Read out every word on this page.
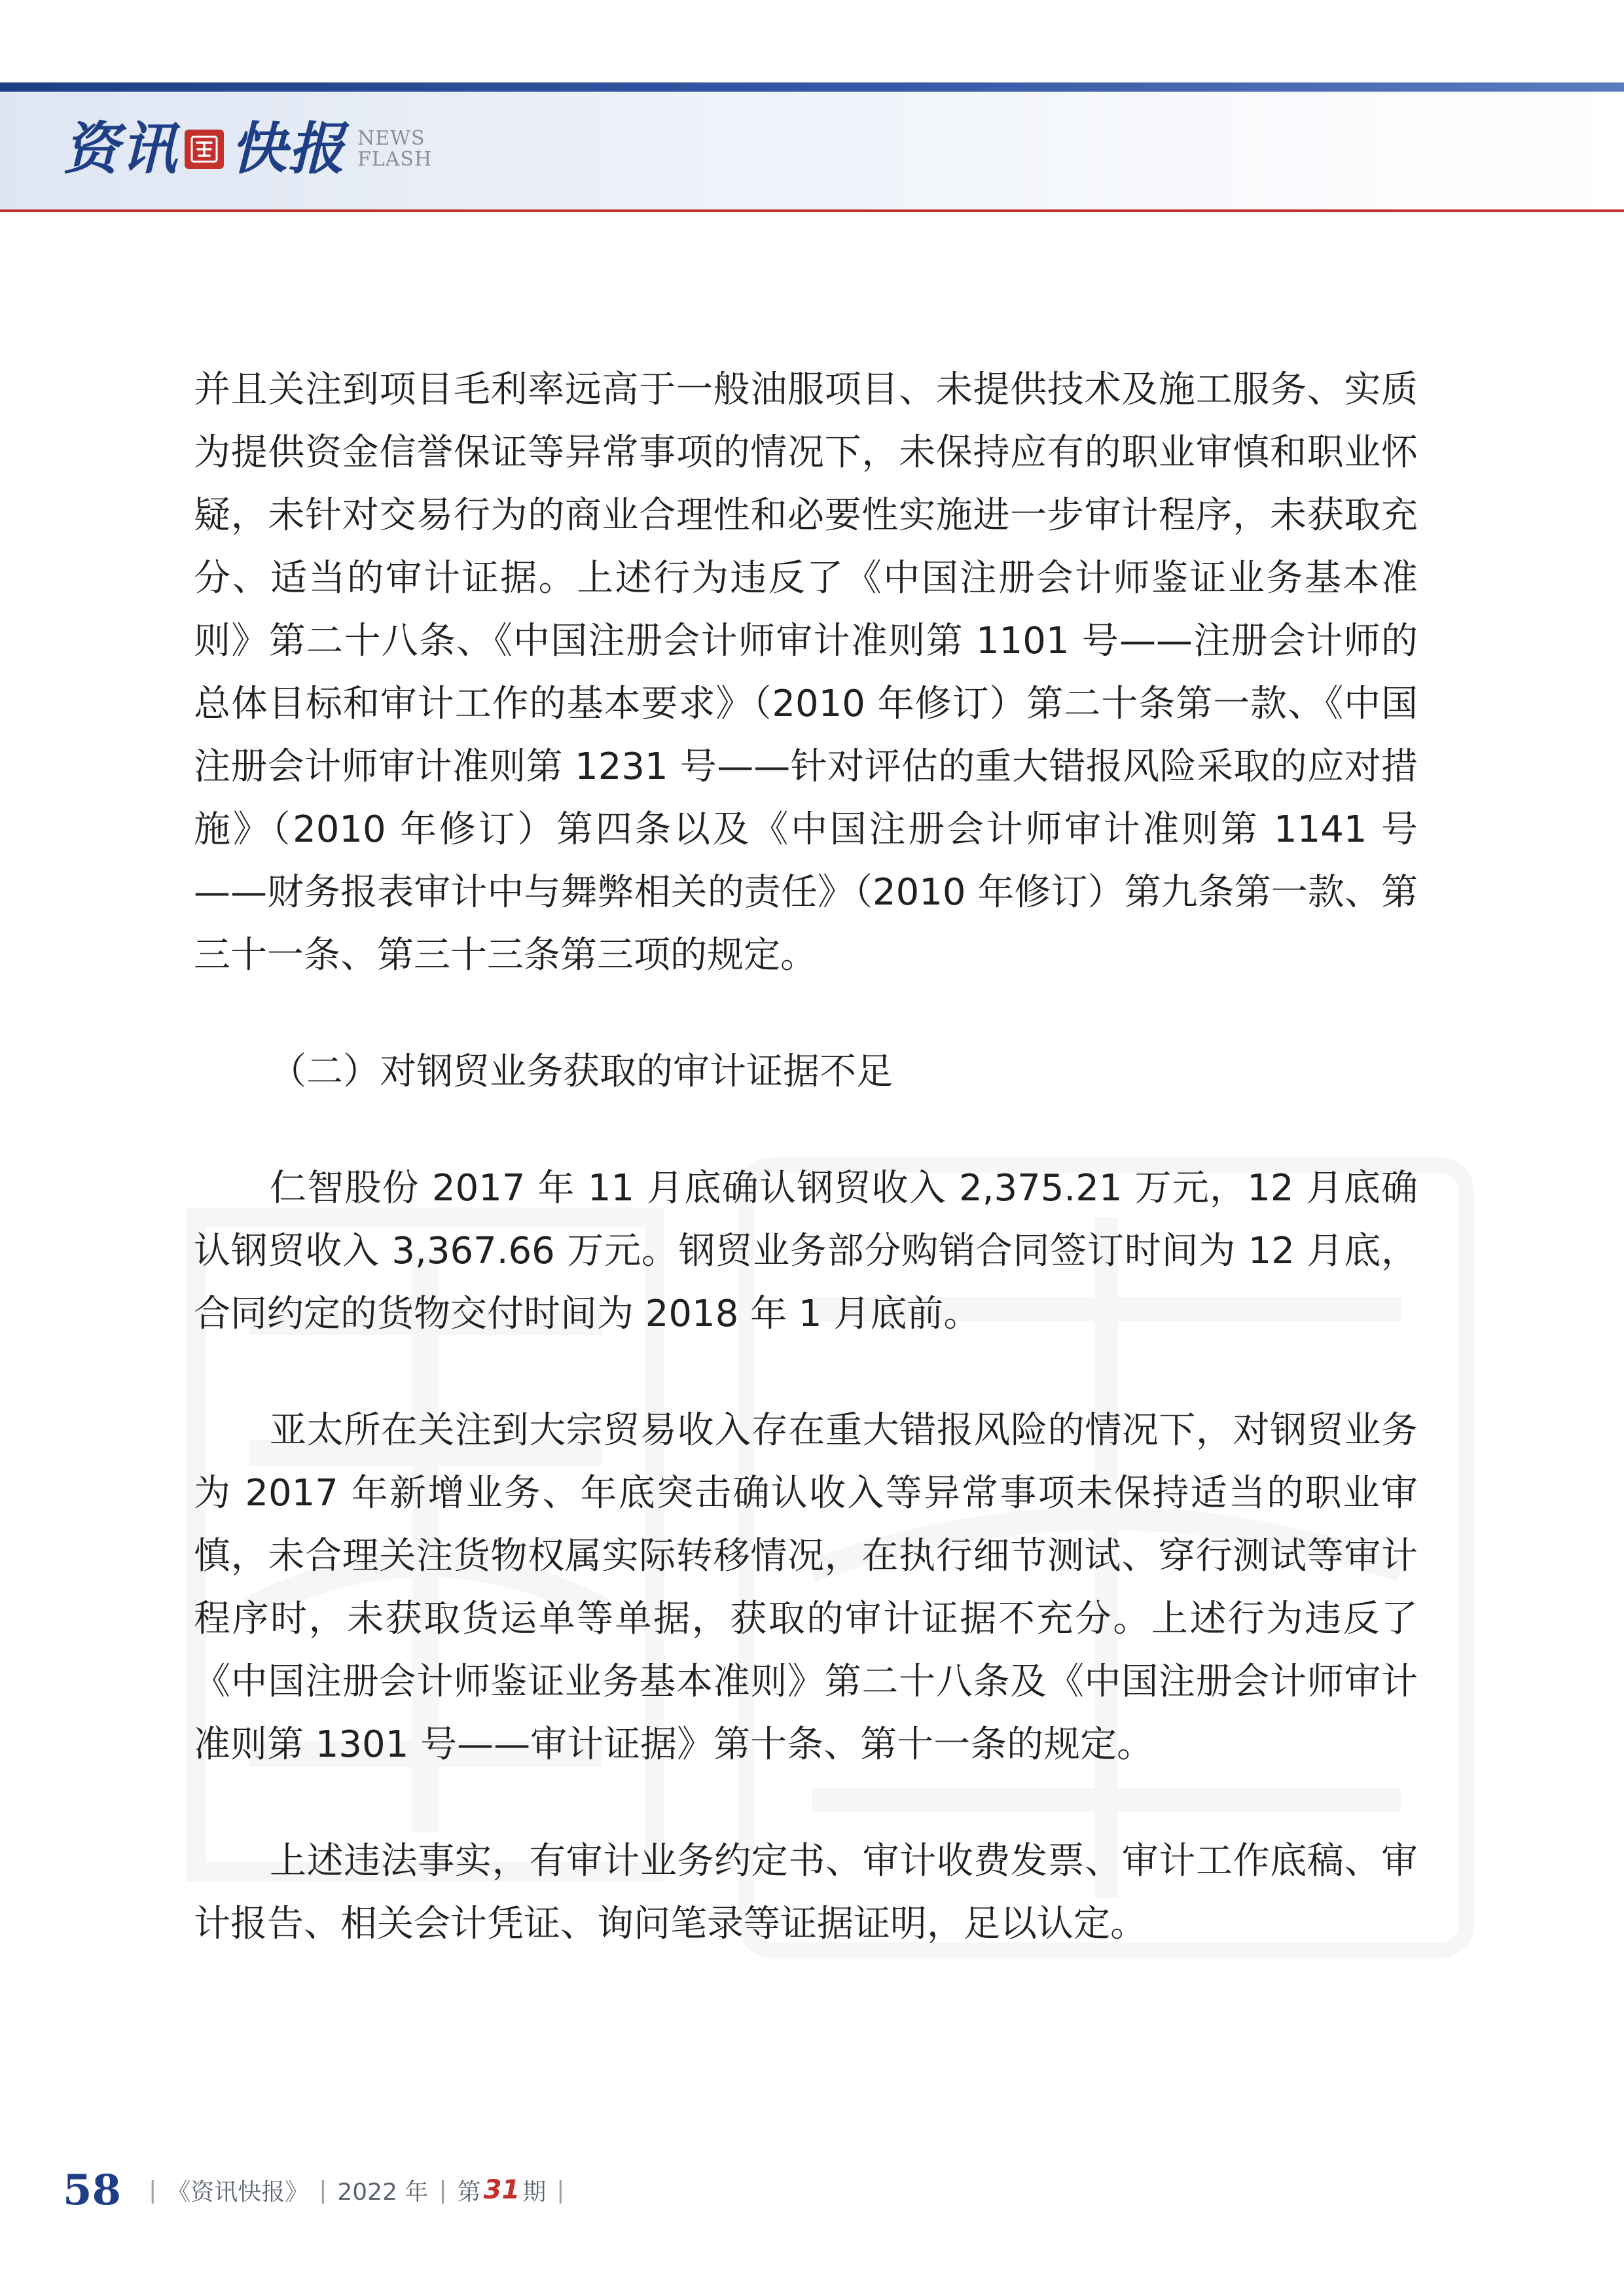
资讯 快报 NEWS
FLASH

并且关注到项目毛利率远高于一般油服项目、未提供技术及施工服务、实质为提供资金信誉保证等异常事项的情况下，未保持应有的职业审慎和职业怀疑，未针对交易行为的商业合理性和必要性实施进一步审计程序，未获取充分、适当的审计证据。上述行为违反了《中国注册会计师鉴证业务基本准则》第二十八条、《中国注册会计师审计准则第 1101 号——注册会计师的总体目标和审计工作的基本要求》（2010 年修订）第二十条第一款、《中国注册会计师审计准则第 1231 号——针对评估的重大错报风险采取的应对措施》（2010 年修订）第四条以及《中国注册会计师审计准则第 1141 号——财务报表审计中与舞弊相关的责任》（2010 年修订）第九条第一款、第三十一条、第三十三条第三项的规定。

（二）对钢贸业务获取的审计证据不足

仁智股份 2017 年 11 月底确认钢贸收入 2,375.21 万元，12 月底确认钢贸收入 3,367.66 万元。钢贸业务部分购销合同签订时间为 12 月底，合同约定的货物交付时间为 2018 年 1 月底前。

亚太所在关注到大宗贸易收入存在重大错报风险的情况下，对钢贸业务为 2017 年新增业务、年底突击确认收入等异常事项未保持适当的职业审慎，未合理关注货物权属实际转移情况，在执行细节测试、穿行测试等审计程序时，未获取货运单等单据，获取的审计证据不充分。上述行为违反了《中国注册会计师鉴证业务基本准则》第二十八条及《中国注册会计师审计准则第 1301 号——审计证据》第十条、第十一条的规定。

上述违法事实，有审计业务约定书、审计收费发票、审计工作底稿、审计报告、相关会计凭证、询问笔录等证据证明，足以认定。

58 | 《资讯快报》 | 2022 年 | 第 31 期 |
